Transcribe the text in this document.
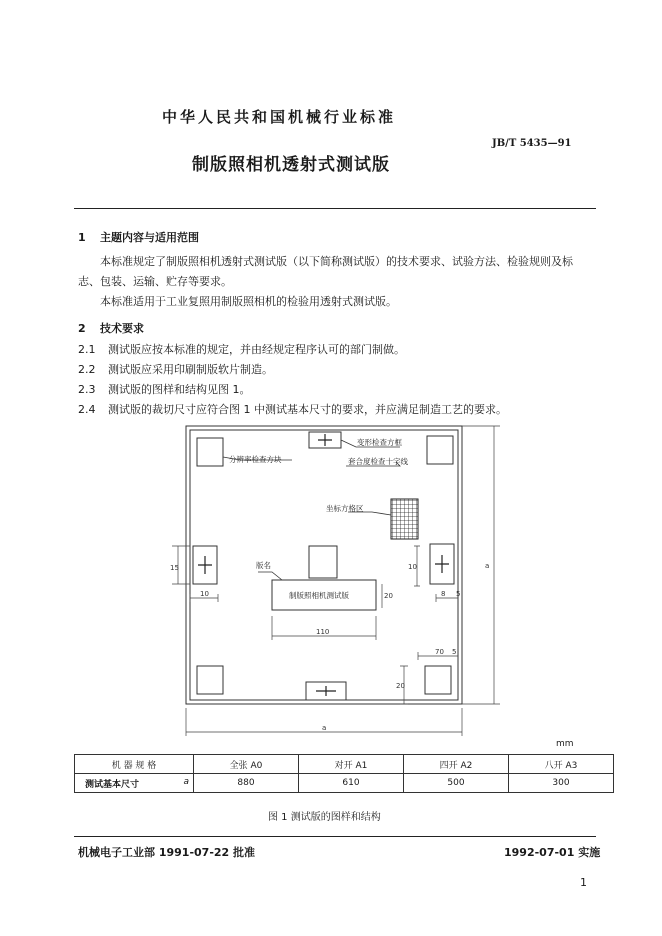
中华人民共和国机械行业标准
JB/T 5435—91
制版照相机透射式测试版
1 主题内容与适用范围
本标准规定了制版照相机透射式测试版（以下简称测试版）的技术要求、试验方法、检验规则及标
志、包装、运输、贮存等要求。
本标准适用于工业复照用制版照相机的检验用透射式测试版。
2 技术要求
2.1 测试版应按本标准的规定，并由经规定程序认可的部门制做。
2.2 测试版应采用印刷制版软片制造。
2.3 测试版的图样和结构见图 1。
2.4 测试版的裁切尺寸应符合图 1 中测试基本尺寸的要求，并应满足制造工艺的要求。
分辨率检查方块
变形检查方框
套合度检查十字线
坐标方格区
版名
制版照相机测试版
15
10
10
8 5
110
20
70 5
20
a
a
mm
机 器 规 格	全张 A0	对开 A1	四开 A2	八开 A3
测试基本尺寸 a	880	610	500	300
图 1 测试版的图样和结构
机械电子工业部 1991-07-22 批准	1992-07-01 实施
1
